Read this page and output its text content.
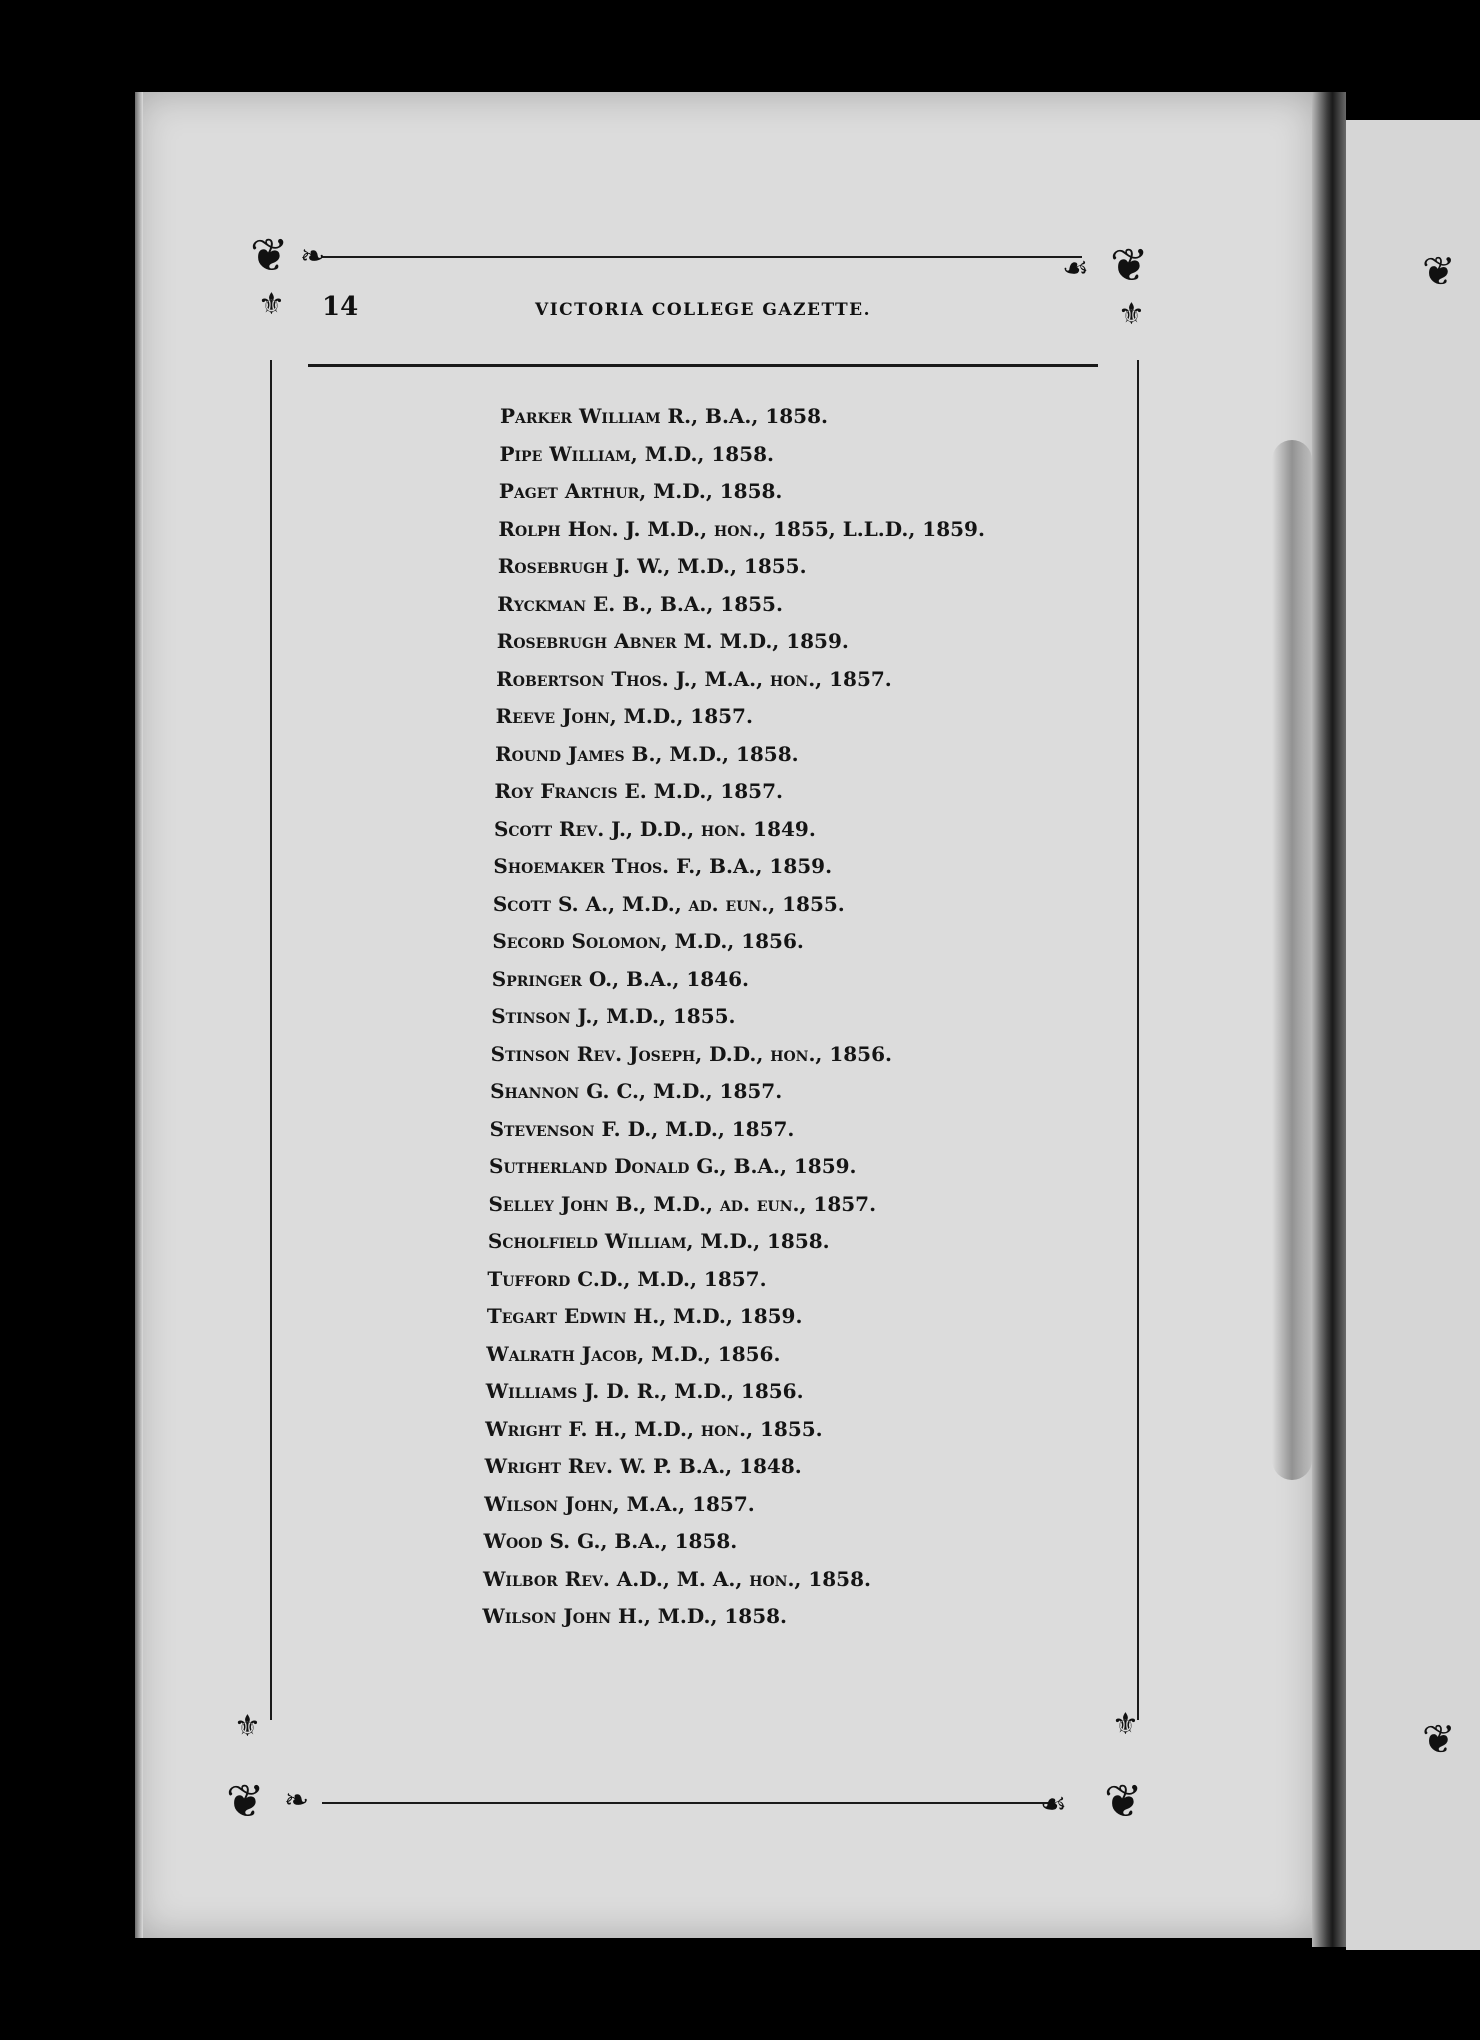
❦
❦
❦ ❧
⚜
❦
☙
⚜
⚜
❦ ❧
⚜
❦
☙
14	VICTORIA COLLEGE GAZETTE.
Parker William R., B.A., 1858.
Pipe William, M.D., 1858.
Paget Arthur, M.D., 1858.
Rolph Hon. J. M.D., hon., 1855, L.L.D., 1859.
Rosebrugh J. W., M.D., 1855.
Ryckman E. B., B.A., 1855.
Rosebrugh Abner M. M.D., 1859.
Robertson Thos. J., M.A., hon., 1857.
Reeve John, M.D., 1857.
Round James B., M.D., 1858.
Roy Francis E. M.D., 1857.
Scott Rev. J., D.D., hon. 1849.
Shoemaker Thos. F., B.A., 1859.
Scott S. A., M.D., ad. eun., 1855.
Secord Solomon, M.D., 1856.
Springer O., B.A., 1846.
Stinson J., M.D., 1855.
Stinson Rev. Joseph, D.D., hon., 1856.
Shannon G. C., M.D., 1857.
Stevenson F. D., M.D., 1857.
Sutherland Donald G., B.A., 1859.
Selley John B., M.D., ad. eun., 1857.
Scholfield William, M.D., 1858.
Tufford C.D., M.D., 1857.
Tegart Edwin H., M.D., 1859.
Walrath Jacob, M.D., 1856.
Williams J. D. R., M.D., 1856.
Wright F. H., M.D., hon., 1855.
Wright Rev. W. P. B.A., 1848.
Wilson John, M.A., 1857.
Wood S. G., B.A., 1858.
Wilbor Rev. A.D., M. A., hon., 1858.
Wilson John H., M.D., 1858.
